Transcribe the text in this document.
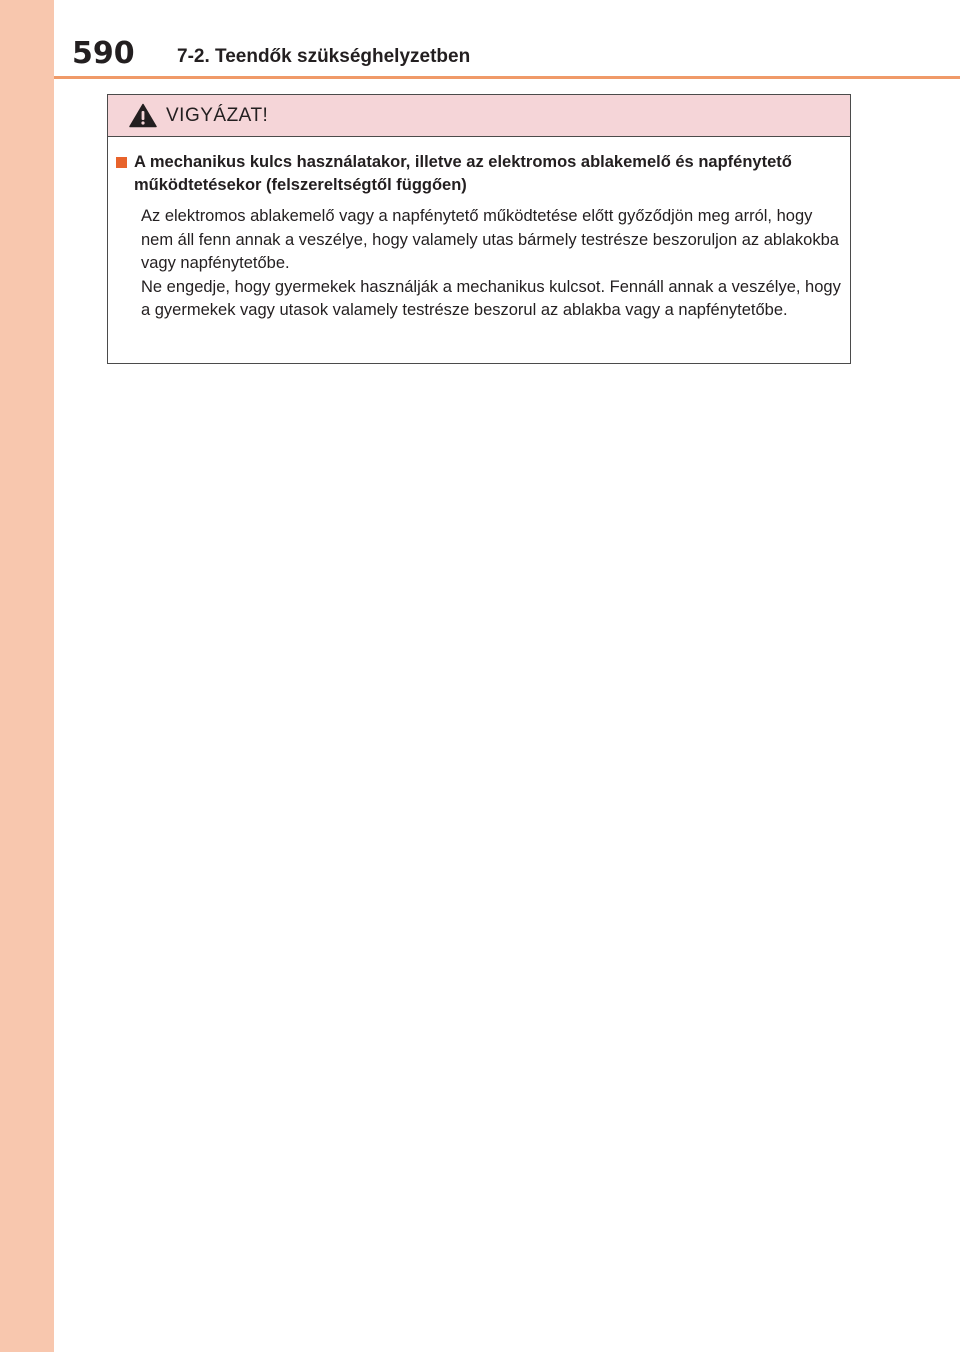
590 7-2. Teendők szükséghelyzetben
VIGYÁZAT!
A mechanikus kulcs használatakor, illetve az elektromos ablakemelő és napfénytető működtetésekor (felszereltségtől függően)
Az elektromos ablakemelő vagy a napfénytető működtetése előtt győződjön meg arról, hogy nem áll fenn annak a veszélye, hogy valamely utas bármely testrésze beszoruljon az ablakokba vagy napfénytetőbe.
Ne engedje, hogy gyermekek használják a mechanikus kulcsot. Fennáll annak a veszélye, hogy a gyermekek vagy utasok valamely testrésze beszorul az ablakba vagy a napfénytetőbe.
